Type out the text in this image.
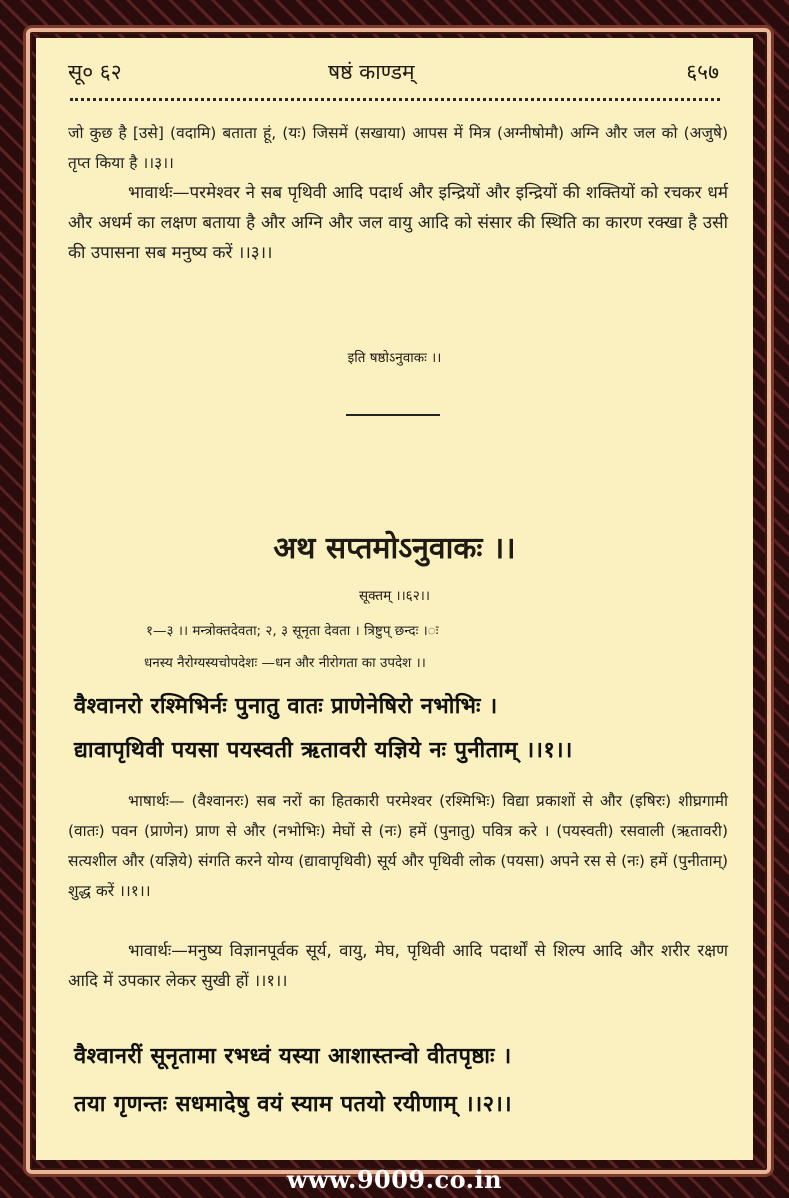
सू० ६२	षष्ठं काण्डम्	६५७
जो कुछ है [उसे] (वदामि) बताता हूं, (यः) जिसमें (सखाया) आपस में मित्र (अग्नीषोमौ) अग्नि और जल को (अजुषे) तृप्त किया है ।।३।।
भावार्थः—परमेश्वर ने सब पृथिवी आदि पदार्थ और इन्द्रियों और इन्द्रियों की शक्तियों को रचकर धर्म और अधर्म का लक्षण बताया है और अग्नि और जल वायु आदि को संसार की स्थिति का कारण रक्खा है उसी की उपासना सब मनुष्य करें ।।३।।
इति षष्ठोऽनुवाकः ।।
अथ सप्तमोऽनुवाकः ।।
सूक्तम् ।।६२।।
१—३ ।। मन्त्रोक्तदेवता; २, ३ सूनृता देवता । त्रिष्टुप् छन्दः ।ः
धनस्य नैरोग्यस्यचोपदेशः —धन और नीरोगता का उपदेश ।।
वैश्वानरो रश्मिभिर्नः पुनातु वातः प्राणेनेषिरो नभोभिः ।
द्यावापृथिवी पयसा पयस्वती ऋतावरी यज्ञिये नः पुनीताम् ।।१।।
भाषार्थः— (वैश्वानरः) सब नरों का हितकारी परमेश्वर (रश्मिभिः) विद्या प्रकाशों से और (इषिरः) शीघ्रगामी (वातः) पवन (प्राणेन) प्राण से और (नभोभिः) मेघों से (नः) हमें (पुनातु) पवित्र करे । (पयस्वती) रसवाली (ऋतावरी) सत्यशील और (यज्ञिये) संगति करने योग्य (द्यावापृथिवी) सूर्य और पृथिवी लोक (पयसा) अपने रस से (नः) हमें (पुनीताम्) शुद्ध करें ।।१।।
भावार्थः—मनुष्य विज्ञानपूर्वक सूर्य, वायु, मेघ, पृथिवी आदि पदार्थों से शिल्प आदि और शरीर रक्षण आदि में उपकार लेकर सुखी हों ।।१।।
वैश्वानरीं सूनृतामा रभध्वं यस्या आशास्तन्वो वीतपृष्ठाः ।
तया गृणन्तः सधमादेषु वयं स्याम पतयो रयीणाम् ।।२।।
www.9009.co.in
